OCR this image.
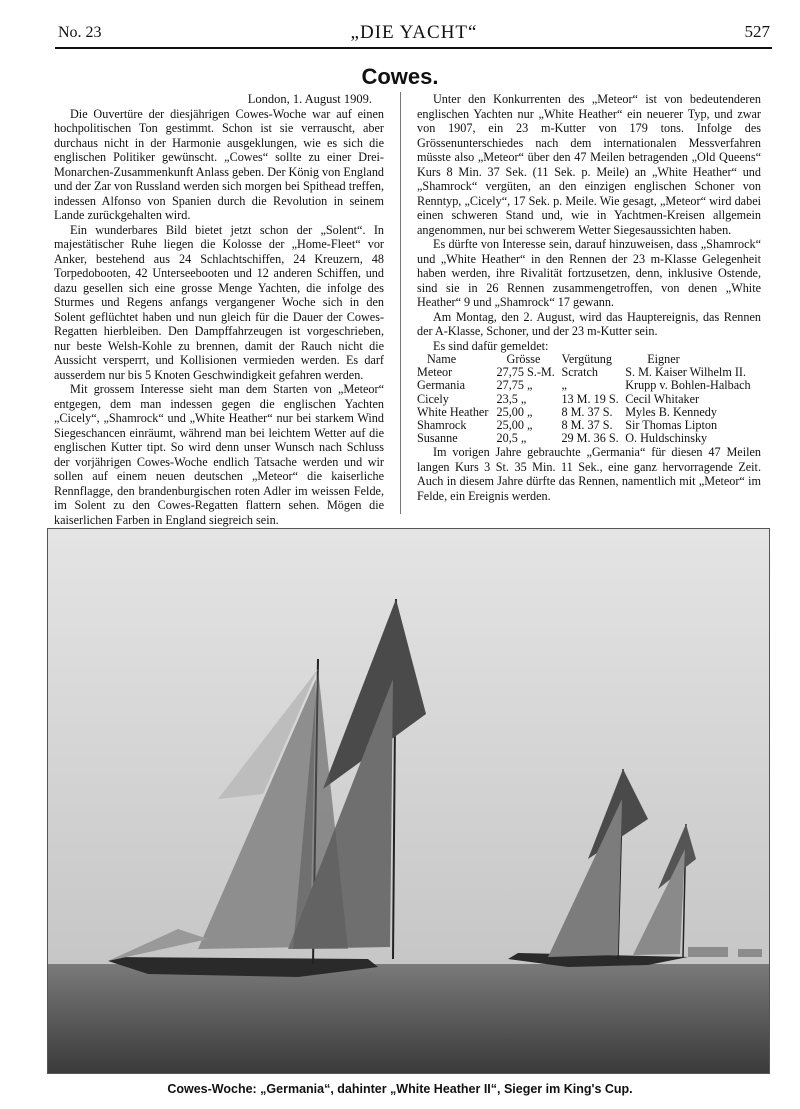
No. 23	„DIE YACHT“	527
Cowes.
London, 1. August 1909.

Die Ouvertüre der diesjährigen Cowes-Woche war auf einen hochpolitischen Ton gestimmt. Schon ist sie verrauscht, aber durchaus nicht in der Harmonie ausgeklungen, wie es sich die englischen Politiker gewünscht. „Cowes“ sollte zu einer Drei-Monarchen-Zusammenkunft Anlass geben. Der König von England und der Zar von Russland werden sich morgen bei Spithead treffen, indessen Alfonso von Spanien durch die Revolution in seinem Lande zurückgehalten wird.

Ein wunderbares Bild bietet jetzt schon der „Solent“. In majestätischer Ruhe liegen die Kolosse der „Home-Fleet“ vor Anker, bestehend aus 24 Schlachtschiffen, 24 Kreuzern, 48 Torpedobooten, 42 Unterseebooten und 12 anderen Schiffen, und dazu gesellen sich eine grosse Menge Yachten, die infolge des Sturmes und Regens anfangs vergangener Woche sich in den Solent geflüchtet haben und nun gleich für die Dauer der Cowes-Regatten hierbleiben. Den Dampffahrzeugen ist vorgeschrieben, nur beste Welsh-Kohle zu brennen, damit der Rauch nicht die Aussicht versperrt, und Kollisionen vermieden werden. Es darf ausserdem nur bis 5 Knoten Geschwindigkeit gefahren werden.

Mit grossem Interesse sieht man dem Starten von „Meteor“ entgegen, dem man indessen gegen die englischen Yachten „Cicely“, „Shamrock“ und „White Heather“ nur bei starkem Wind Siegeschancen einräumt, während man bei leichtem Wetter auf die englischen Kutter tipt. So wird denn unser Wunsch nach Schluss der vorjährigen Cowes-Woche endlich Tatsache werden und wir sollen auf einem neuen deutschen „Meteor“ die kaiserliche Rennflagge, den brandenburgischen roten Adler im weissen Felde, im Solent zu den Cowes-Regatten flattern sehen. Mögen die kaiserlichen Farben in England siegreich sein.

Unter den Konkurrenten des „Meteor“ ist von bedeutenderen englischen Yachten nur „White Heather“ ein neuerer Typ, und zwar von 1907, ein 23 m-Kutter von 179 tons. Infolge des Grössenunterschiedes nach dem internationalen Messverfahren müsste also „Meteor“ über den 47 Meilen betragenden „Old Queens“ Kurs 8 Min. 37 Sek. (11 Sek. p. Meile) an „White Heather“ und „Shamrock“ vergüten, an den einzigen englischen Schoner von Renntyp, „Cicely“, 17 Sek. p. Meile. Wie gesagt, „Meteor“ wird dabei einen schweren Stand und, wie in Yachtmen-Kreisen allgemein angenommen, nur bei schwerem Wetter Siegesaussichten haben.

Es dürfte von Interesse sein, darauf hinzuweisen, dass „Shamrock“ und „White Heather“ in den Rennen der 23 m-Klasse Gelegenheit haben werden, ihre Rivalität fortzusetzen, denn, inklusive Ostende, sind sie in 26 Rennen zusammengetroffen, von denen „White Heather“ 9 und „Shamrock“ 17 gewann.

Am Montag, den 2. August, wird das Hauptereignis, das Rennen der A-Klasse, Schoner, und der 23 m-Kutter sein.

Es sind dafür gemeldet:

Name	Grösse	Vergütung	Eigner
Meteor	27,75 S.-M.	Scratch	S. M. Kaiser Wilhelm II.
Germania	27,75 „	„	Krupp v. Bohlen-Halbach
Cicely	23,5 „	13 M. 19 S.	Cecil Whitaker
White Heather	25,00 „	8 M. 37 S.	Myles B. Kennedy
Shamrock	25,00 „	8 M. 37 S.	Sir Thomas Lipton
Susanne	20,5 „	29 M. 36 S.	O. Huldschinsky

Im vorigen Jahre gebrauchte „Germania“ für diesen 47 Meilen langen Kurs 3 St. 35 Min. 11 Sek., eine ganz hervorragende Zeit. Auch in diesem Jahre dürfte das Rennen, namentlich mit „Meteor“ im Felde, ein Ereignis werden.

Cowes-Woche: „Germania“, dahinter „White Heather II“, Sieger im King's Cup.
